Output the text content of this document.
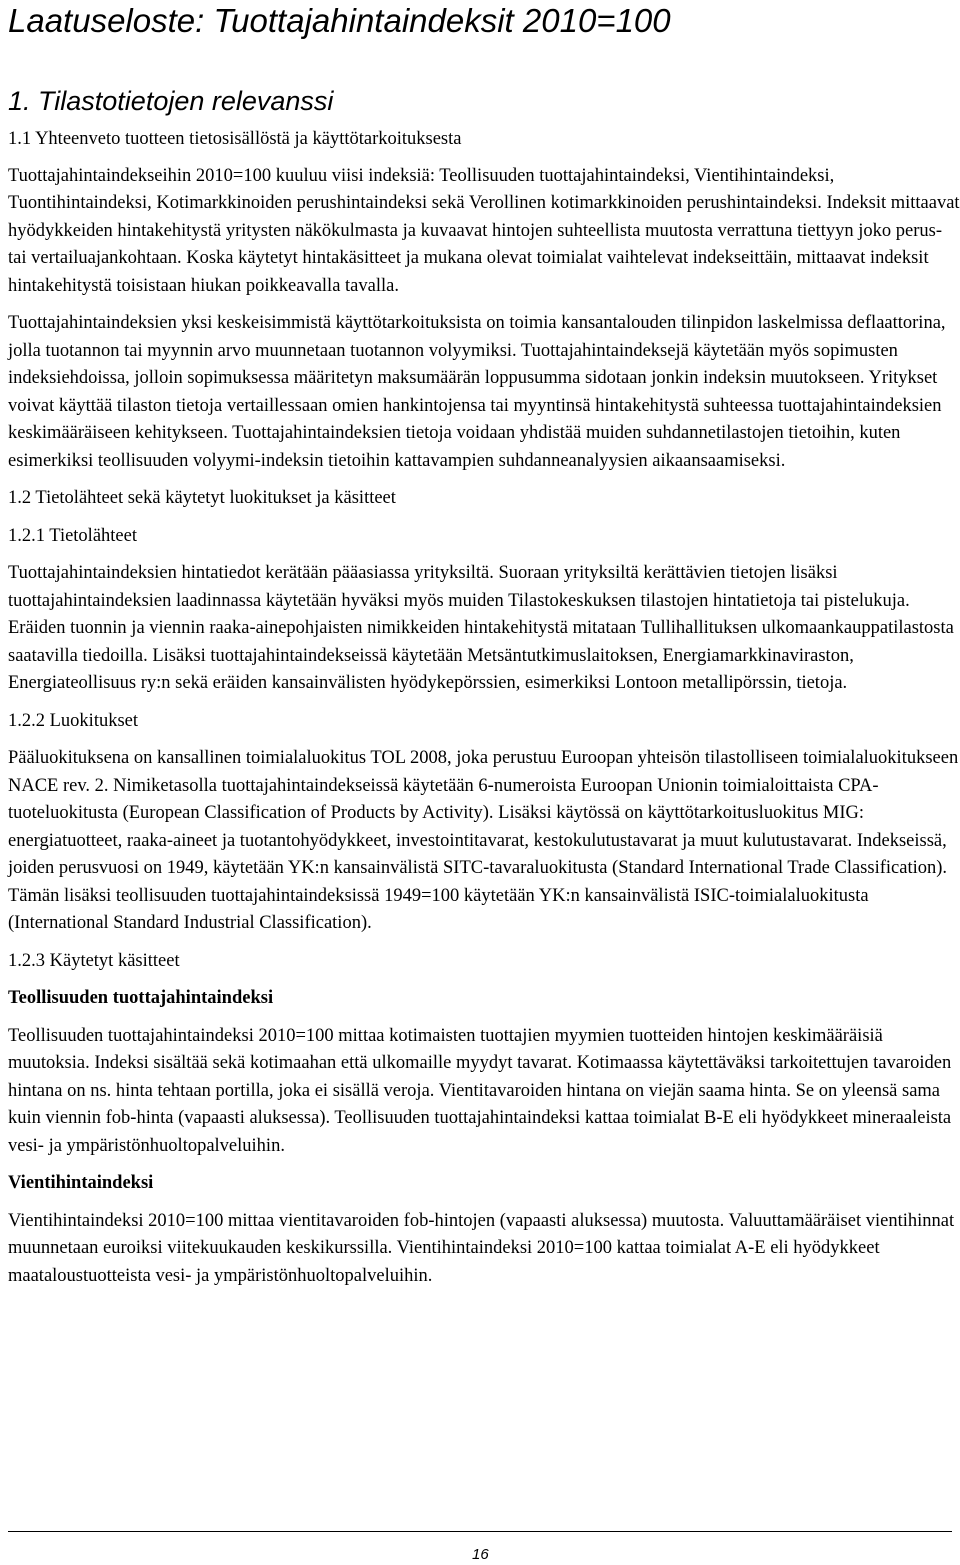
Laatuseloste: Tuottajahintaindeksit 2010=100
1. Tilastotietojen relevanssi
1.1 Yhteenveto tuotteen tietosisällöstä ja käyttötarkoituksesta

Tuottajahintaindekseihin 2010=100 kuuluu viisi indeksiä: Teollisuuden tuottajahintaindeksi, Vientihintaindeksi, Tuontihintaindeksi, Kotimarkkinoiden perushintaindeksi sekä Verollinen kotimarkkinoiden perushintaindeksi. Indeksit mittaavat hyödykkeiden hintakehitystä yritysten näkökulmasta ja kuvaavat hintojen suhteellista muutosta verrattuna tiettyyn joko perus- tai vertailuajankohtaan. Koska käytetyt hintakäsitteet ja mukana olevat toimialat vaihtelevat indekseittäin, mittaavat indeksit hintakehitystä toisistaan hiukan poikkeavalla tavalla.

Tuottajahintaindeksien yksi keskeisimmistä käyttötarkoituksista on toimia kansantalouden tilinpidon laskelmissa deflaattorina, jolla tuotannon tai myynnin arvo muunnetaan tuotannon volyymiksi. Tuottajahintaindeksejä käytetään myös sopimusten indeksiehdoissa, jolloin sopimuksessa määritetyn maksumäärän loppusumma sidotaan jonkin indeksin muutokseen. Yritykset voivat käyttää tilaston tietoja vertaillessaan omien hankintojensa tai myyntinsä hintakehitystä suhteessa tuottajahintaindeksien keskimääräiseen kehitykseen. Tuottajahintaindeksien tietoja voidaan yhdistää muiden suhdannetilastojen tietoihin, kuten esimerkiksi teollisuuden volyymi-indeksin tietoihin kattavampien suhdanneanalyysien aikaansaamiseksi.

1.2 Tietolähteet sekä käytetyt luokitukset ja käsitteet
1.2.1 Tietolähteet

Tuottajahintaindeksien hintatiedot kerätään pääasiassa yrityksiltä. Suoraan yrityksiltä kerättävien tietojen lisäksi tuottajahintaindeksien laadinnassa käytetään hyväksi myös muiden Tilastokeskuksen tilastojen hintatietoja tai pistelukuja. Eräiden tuonnin ja viennin raaka-ainepohjaisten nimikkeiden hintakehitystä mitataan Tullihallituksen ulkomaankauppatilastosta saatavilla tiedoilla. Lisäksi tuottajahintaindekseissä käytetään Metsäntutkimuslaitoksen, Energiamarkkinaviraston, Energiateollisuus ry:n sekä eräiden kansainvälisten hyödykepörssien, esimerkiksi Lontoon metallipörssin, tietoja.

1.2.2 Luokitukset

Pääluokituksena on kansallinen toimialaluokitus TOL 2008, joka perustuu Euroopan yhteisön tilastolliseen toimialaluokitukseen NACE rev. 2. Nimiketasolla tuottajahintaindekseissä käytetään 6-numeroista Euroopan Unionin toimialoittaista CPA-tuoteluokitusta (European Classification of Products by Activity). Lisäksi käytössä on käyttötarkoitusluokitus MIG: energiatuotteet, raaka-aineet ja tuotantohyödykkeet, investointitavarat, kestokulutustavarat ja muut kulutustavarat. Indekseissä, joiden perusvuosi on 1949, käytetään YK:n kansainvälistä SITC-tavaraluokitusta (Standard International Trade Classification). Tämän lisäksi teollisuuden tuottajahintaindeksissä 1949=100 käytetään YK:n kansainvälistä ISIC-toimialaluokitusta (International Standard Industrial Classification).

1.2.3 Käytetyt käsitteet
Teollisuuden tuottajahintaindeksi

Teollisuuden tuottajahintaindeksi 2010=100 mittaa kotimaisten tuottajien myymien tuotteiden hintojen keskimääräisiä muutoksia. Indeksi sisältää sekä kotimaahan että ulkomaille myydyt tavarat. Kotimaassa käytettäväksi tarkoitettujen tavaroiden hintana on ns. hinta tehtaan portilla, joka ei sisällä veroja. Vientitavaroiden hintana on viejän saama hinta. Se on yleensä sama kuin viennin fob-hinta (vapaasti aluksessa). Teollisuuden tuottajahintaindeksi kattaa toimialat B-E eli hyödykkeet mineraaleista vesi- ja ympäristönhuoltopalveluihin.

Vientihintaindeksi

Vientihintaindeksi 2010=100 mittaa vientitavaroiden fob-hintojen (vapaasti aluksessa) muutosta. Valuuttamääräiset vientihinnat muunnetaan euroiksi viitekuukauden keskikurssilla. Vientihintaindeksi 2010=100 kattaa toimialat A-E eli hyödykkeet maataloustuotteista vesi- ja ympäristönhuoltopalveluihin.

16
